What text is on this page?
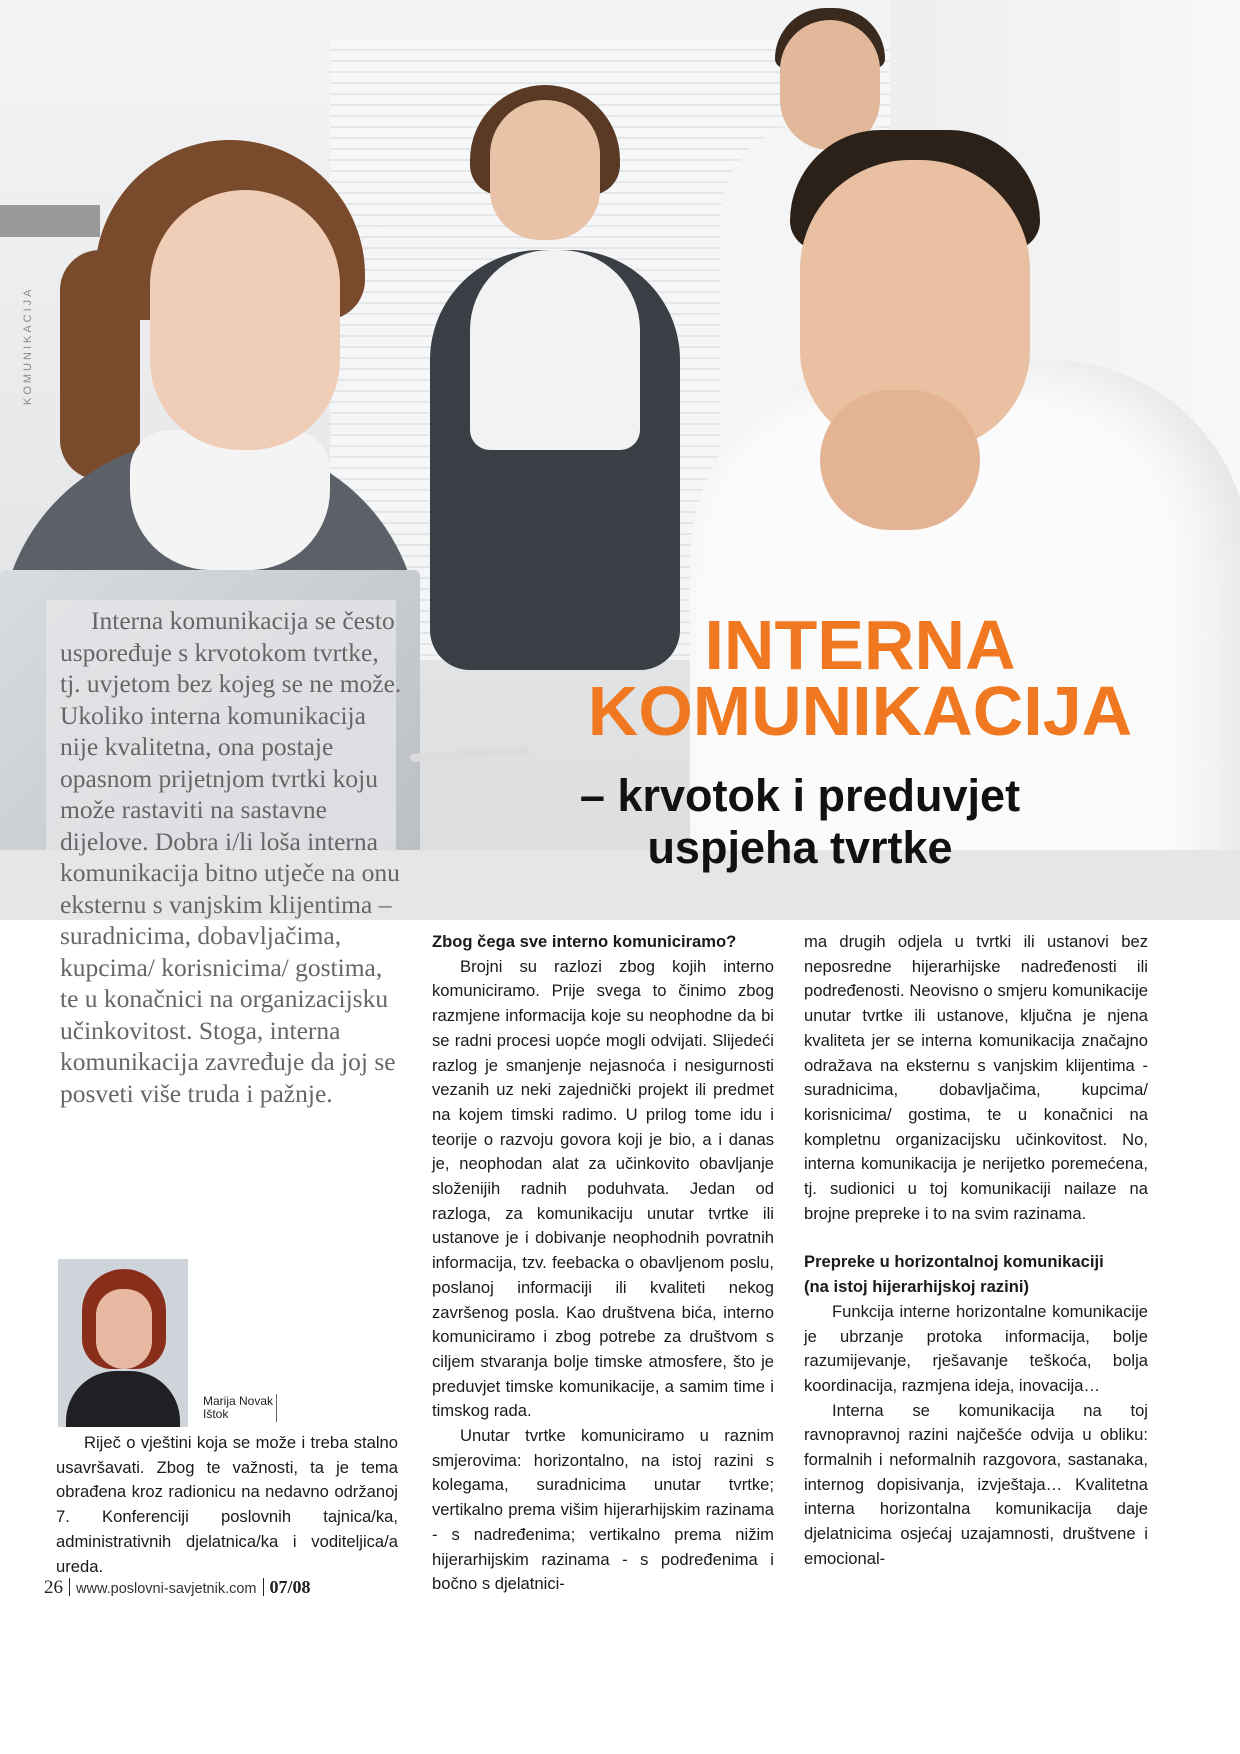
KOMUNIKACIJA

Interna komunikacija se često uspoređuje s krvotokom tvrtke, tj. uvjetom bez kojeg se ne može. Ukoliko interna komunikacija nije kvalitetna, ona postaje opasnom prijetnjom tvrtki koju može rastaviti na sastavne dijelove. Dobra i/li loša interna komunikacija bitno utječe na onu eksternu s vanjskim klijentima – suradnicima, dobavljačima, kupcima/ korisnicima/ gostima, te u konačnici na organizacijsku učinkovitost. Stoga, interna komunikacija zavređuje da joj se posveti više truda i pažnje.

INTERNA
KOMUNIKACIJA
– krvotok i preduvjet
uspjeha tvrtke

Marija Novak
Ištok

Riječ o vještini koja se može i treba stalno usavršavati. Zbog te važnosti, ta je tema obrađena kroz radionicu na nedavno održanoj 7. Konferenciji poslovnih tajnica/ka, administrativnih djelatnica/ka i voditeljica/a ureda.

Zbog čega sve interno komuniciramo?

Brojni su razlozi zbog kojih interno komuniciramo. Prije svega to činimo zbog razmjene informacija koje su neophodne da bi se radni procesi uopće mogli odvijati. Slijedeći razlog je smanjenje nejasnoća i nesigurnosti vezanih uz neki zajednički projekt ili predmet na kojem timski radimo. U prilog tome idu i teorije o razvoju govora koji je bio, a i danas je, neophodan alat za učinkovito obavljanje složenijih radnih poduhvata. Jedan od razloga, za komunikaciju unutar tvrtke ili ustanove je i dobivanje neophodnih povratnih informacija, tzv. feebacka o obavljenom poslu, poslanoj informaciji ili kvaliteti nekog završenog posla. Kao društvena bića, interno komuniciramo i zbog potrebe za društvom s ciljem stvaranja bolje timske atmosfere, što je preduvjet timske komunikacije, a samim time i timskog rada.

Unutar tvrtke komuniciramo u raznim smjerovima: horizontalno, na istoj razini s kolegama, suradnicima unutar tvrtke; vertikalno prema višim hijerarhijskim razinama - s nadređenima; vertikalno prema nižim hijerarhijskim razinama - s podređenima i bočno s djelatnici-

ma drugih odjela u tvrtki ili ustanovi bez neposredne hijerarhijske nadređenosti ili podređenosti. Neovisno o smjeru komunikacije unutar tvrtke ili ustanove, ključna je njena kvaliteta jer se interna komunikacija značajno odražava na eksternu s vanjskim klijentima - suradnicima, dobavljačima, kupcima/ korisnicima/ gostima, te u konačnici na kompletnu organizacijsku učinkovitost. No, interna komunikacija je nerijetko poremećena, tj. sudionici u toj komunikaciji nailaze na brojne prepreke i to na svim razinama.

Prepreke u horizontalnoj komunikaciji
(na istoj hijerarhijskoj razini)

Funkcija interne horizontalne komunikacije je ubrzanje protoka informacija, bolje razumijevanje, rješavanje teškoća, bolja koordinacija, razmjena ideja, inovacija…

Interna se komunikacija na toj ravnopravnoj razini najčešće odvija u obliku: formalnih i neformalnih razgovora, sastanaka, internog dopisivanja, izvještaja… Kvalitetna interna horizontalna komunikacija daje djelatnicima osjećaj uzajamnosti, društvene i emocional-

26 www.poslovni-savjetnik.com 07/08
